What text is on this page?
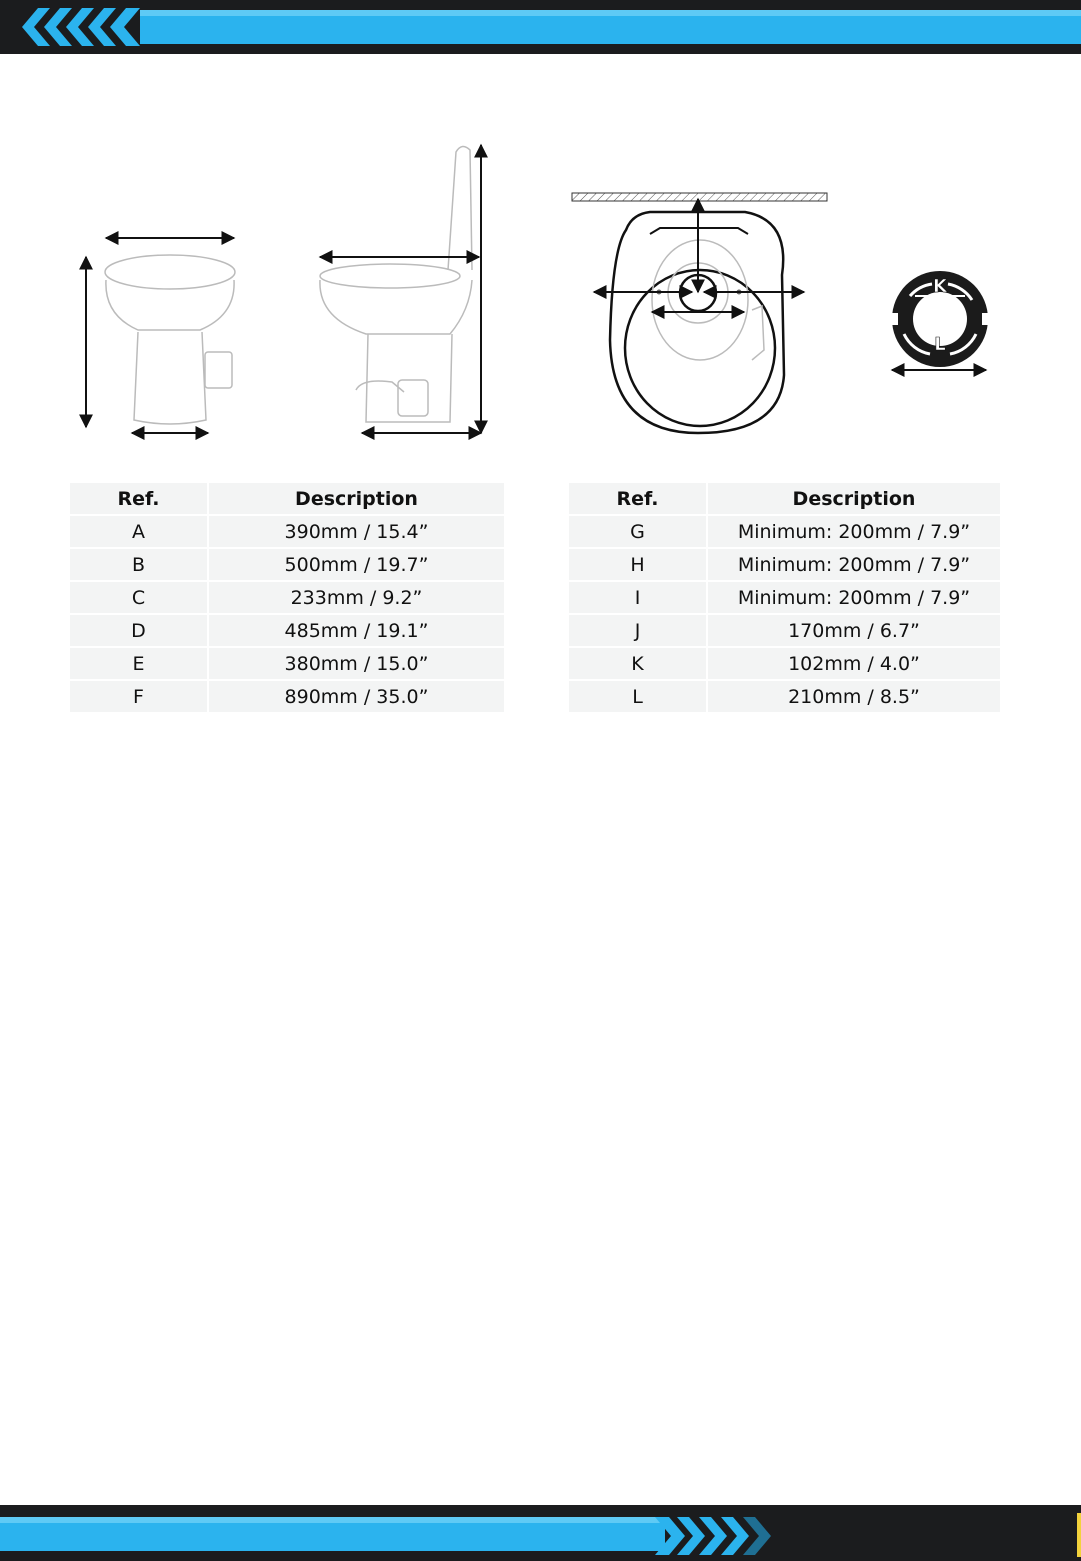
K
L
Ref.	Description
A	390mm / 15.4”
B	500mm / 19.7”
C	233mm / 9.2”
D	485mm / 19.1”
E	380mm / 15.0”
F	890mm / 35.0”
Ref.	Description
G	Minimum: 200mm / 7.9”
H	Minimum: 200mm / 7.9”
I	Minimum: 200mm / 7.9”
J	170mm / 6.7”
K	102mm / 4.0”
L	210mm / 8.5”
